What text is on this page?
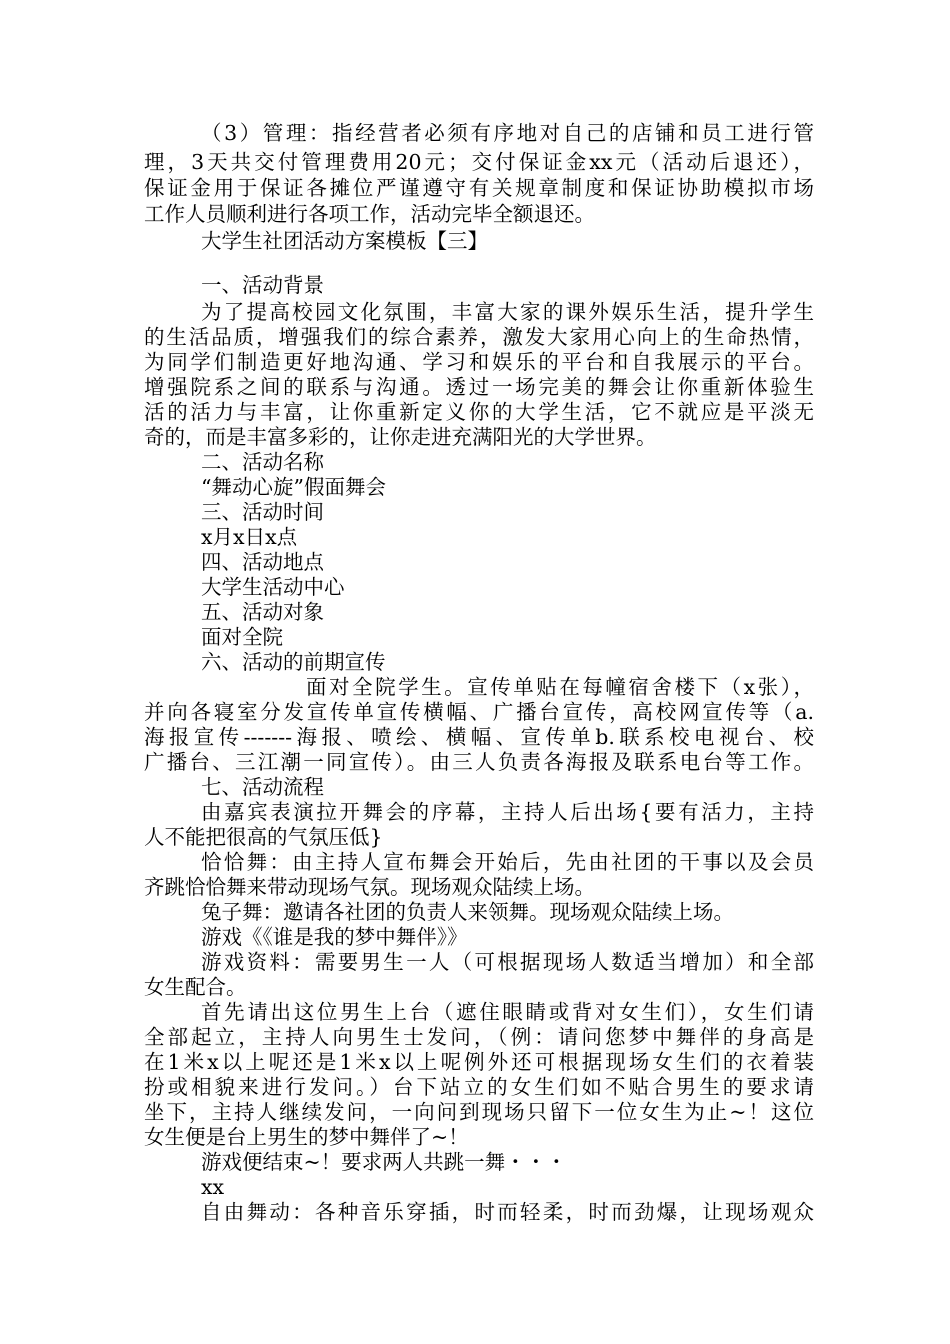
（3）管理：指经营者必须有序地对自己的店铺和员工进行管
理，3天共交付管理费用20元；交付保证金xx元（活动后退还），
保证金用于保证各摊位严谨遵守有关规章制度和保证协助模拟市场
工作人员顺利进行各项工作，活动完毕全额退还。
大学生社团活动方案模板【三】
一、活动背景
为了提高校园文化氛围，丰富大家的课外娱乐生活，提升学生
的生活品质，增强我们的综合素养，激发大家用心向上的生命热情，
为同学们制造更好地沟通、学习和娱乐的平台和自我展示的平台。
增强院系之间的联系与沟通。透过一场完美的舞会让你重新体验生
活的活力与丰富，让你重新定义你的大学生活，它不就应是平淡无
奇的，而是丰富多彩的，让你走进充满阳光的大学世界。
二、活动名称
“舞动心旋”假面舞会
三、活动时间
x月x日x点
四、活动地点
大学生活动中心
五、活动对象
面对全院
六、活动的前期宣传
面对全院学生。宣传单贴在每幢宿舍楼下（x张），
并向各寝室分发宣传单宣传横幅、广播台宣传，高校网宣传等（a.
海报宣传-------海报、喷绘、横幅、宣传单b.联系校电视台、校
广播台、三江潮一同宣传）。由三人负责各海报及联系电台等工作。
七、活动流程
由嘉宾表演拉开舞会的序幕，主持人后出场{要有活力，主持
人不能把很高的气氛压低}
恰恰舞：由主持人宣布舞会开始后，先由社团的干事以及会员
齐跳恰恰舞来带动现场气氛。现场观众陆续上场。
兔子舞：邀请各社团的负责人来领舞。现场观众陆续上场。
游戏《《谁是我的梦中舞伴》》
游戏资料：需要男生一人（可根据现场人数适当增加）和全部
女生配合。
首先请出这位男生上台（遮住眼睛或背对女生们），女生们请
全部起立，主持人向男生士发问，（例：请问您梦中舞伴的身高是
在1米x以上呢还是1米x以上呢例外还可根据现场女生们的衣着装
扮或相貌来进行发问。）台下站立的女生们如不贴合男生的要求请
坐下，主持人继续发问，一向问到现场只留下一位女生为止~！这位
女生便是台上男生的梦中舞伴了~！
游戏便结束~！要求两人共跳一舞・・・
xx
自由舞动：各种音乐穿插，时而轻柔，时而劲爆，让现场观众
